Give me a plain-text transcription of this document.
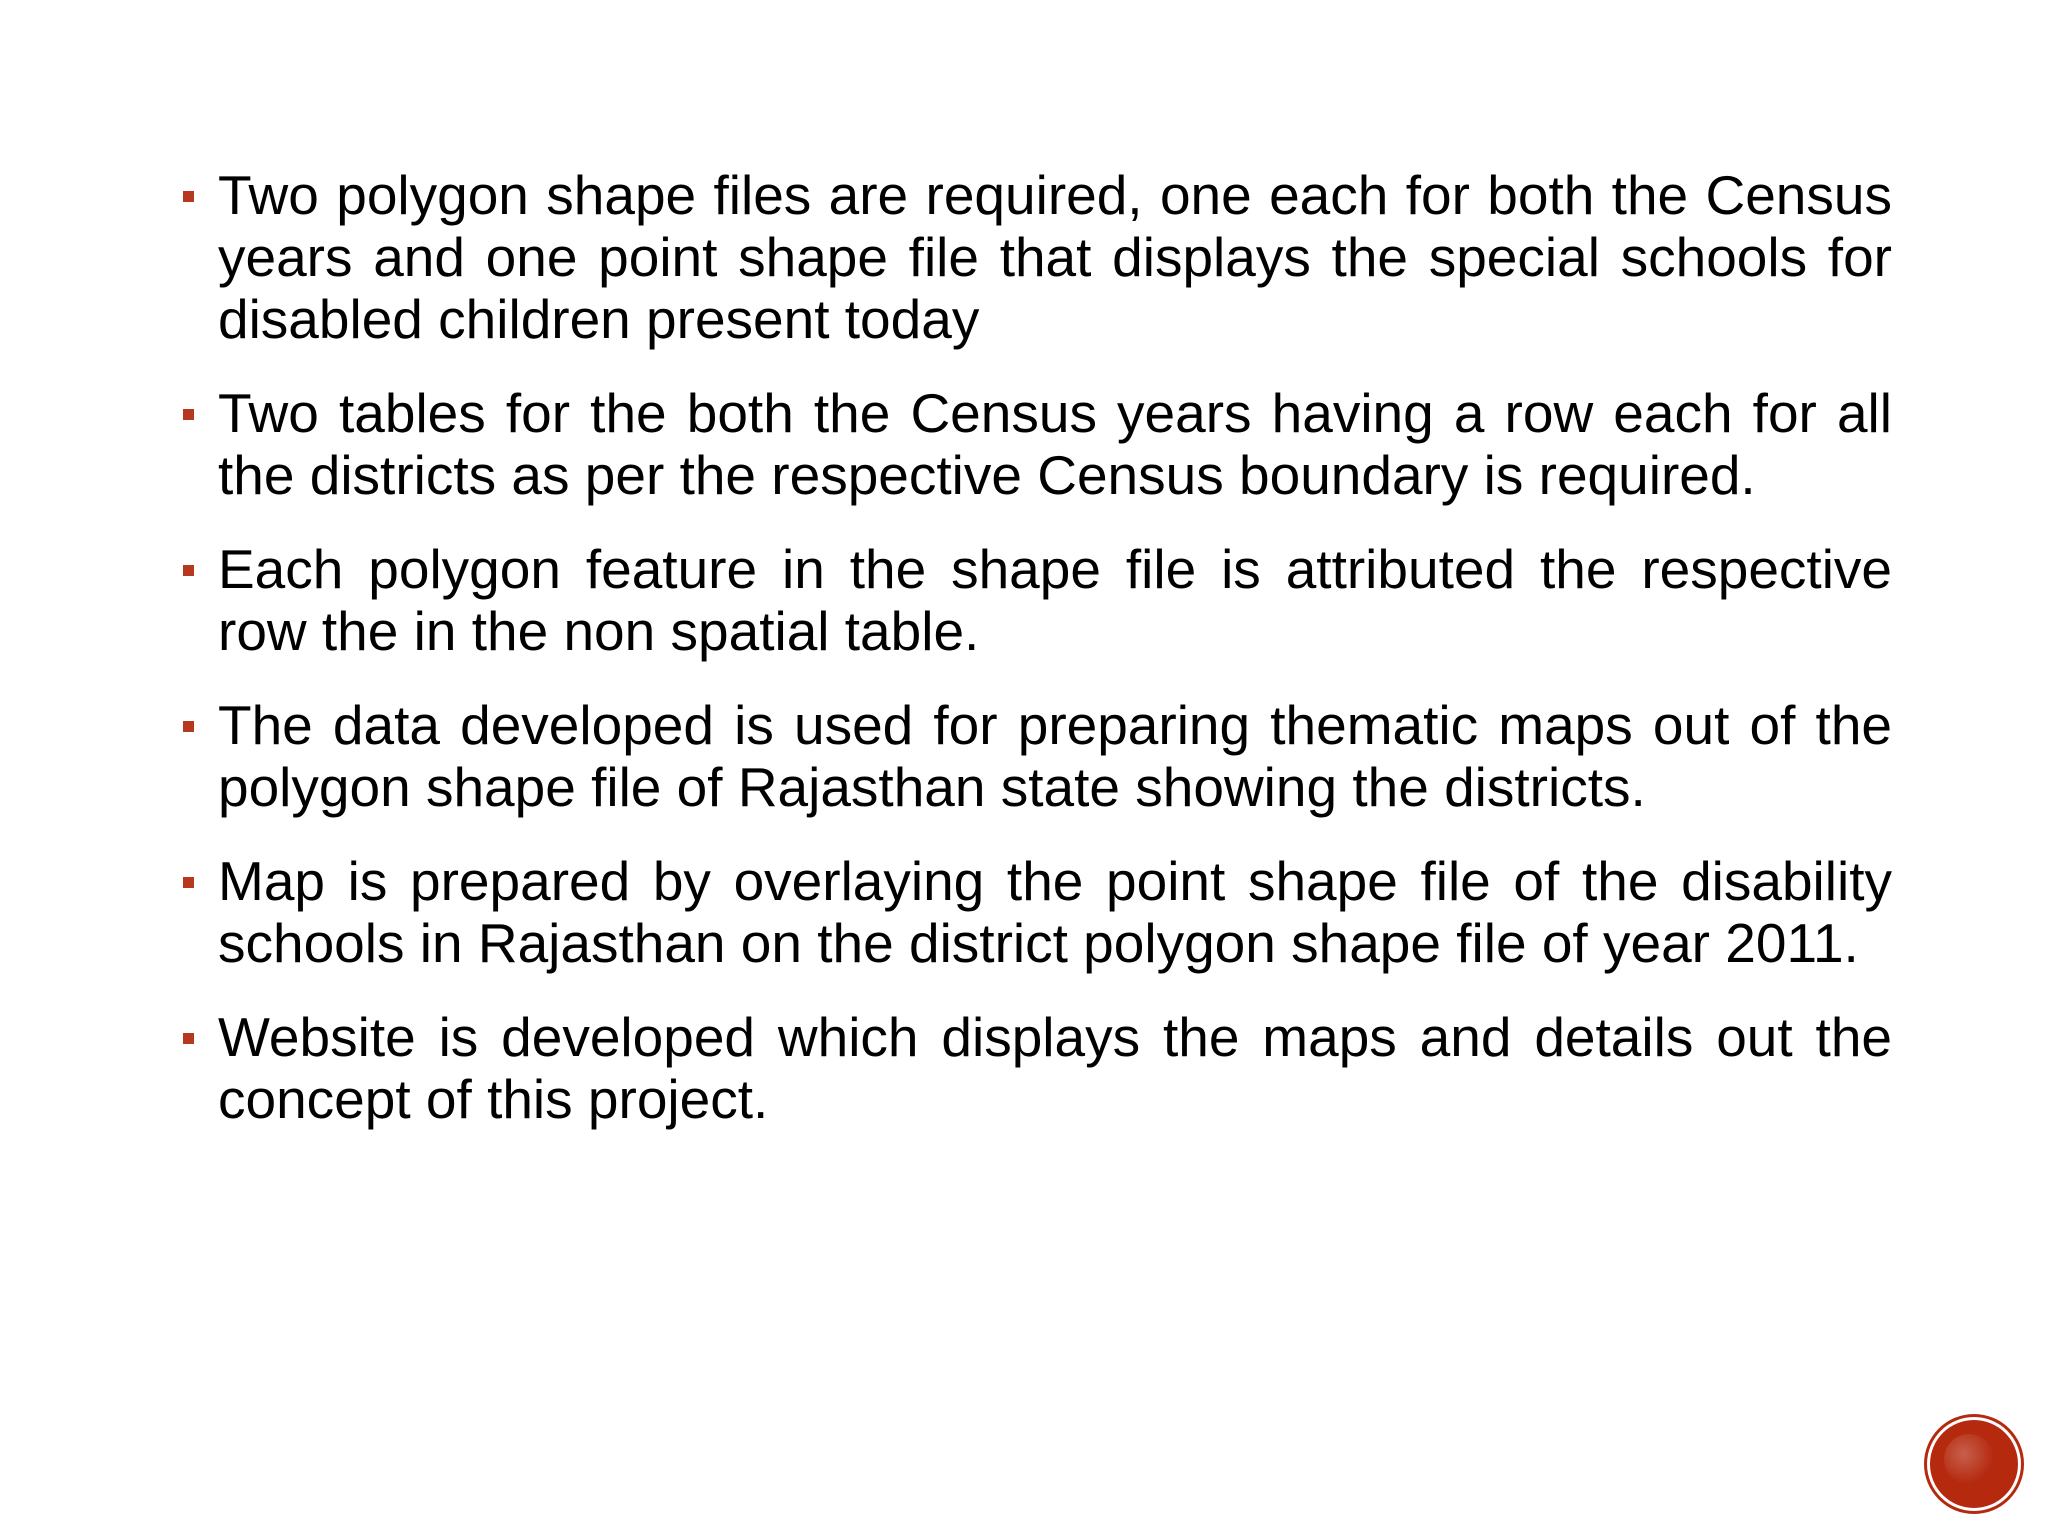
Two polygon shape files are required, one each for both the Census years and one point shape file that displays the special schools for disabled children present today
Two tables for the both the Census years having a row each for all the districts as per the respective Census boundary is required.
Each polygon feature in the shape file is attributed the respective row the in the non spatial table.
The data developed is used for preparing thematic maps out of the polygon shape file of Rajasthan state showing the districts.
Map is prepared by overlaying the point shape file of the disability schools in Rajasthan on the district polygon shape file of year 2011.
Website is developed which displays the maps and details out the concept of this project.
